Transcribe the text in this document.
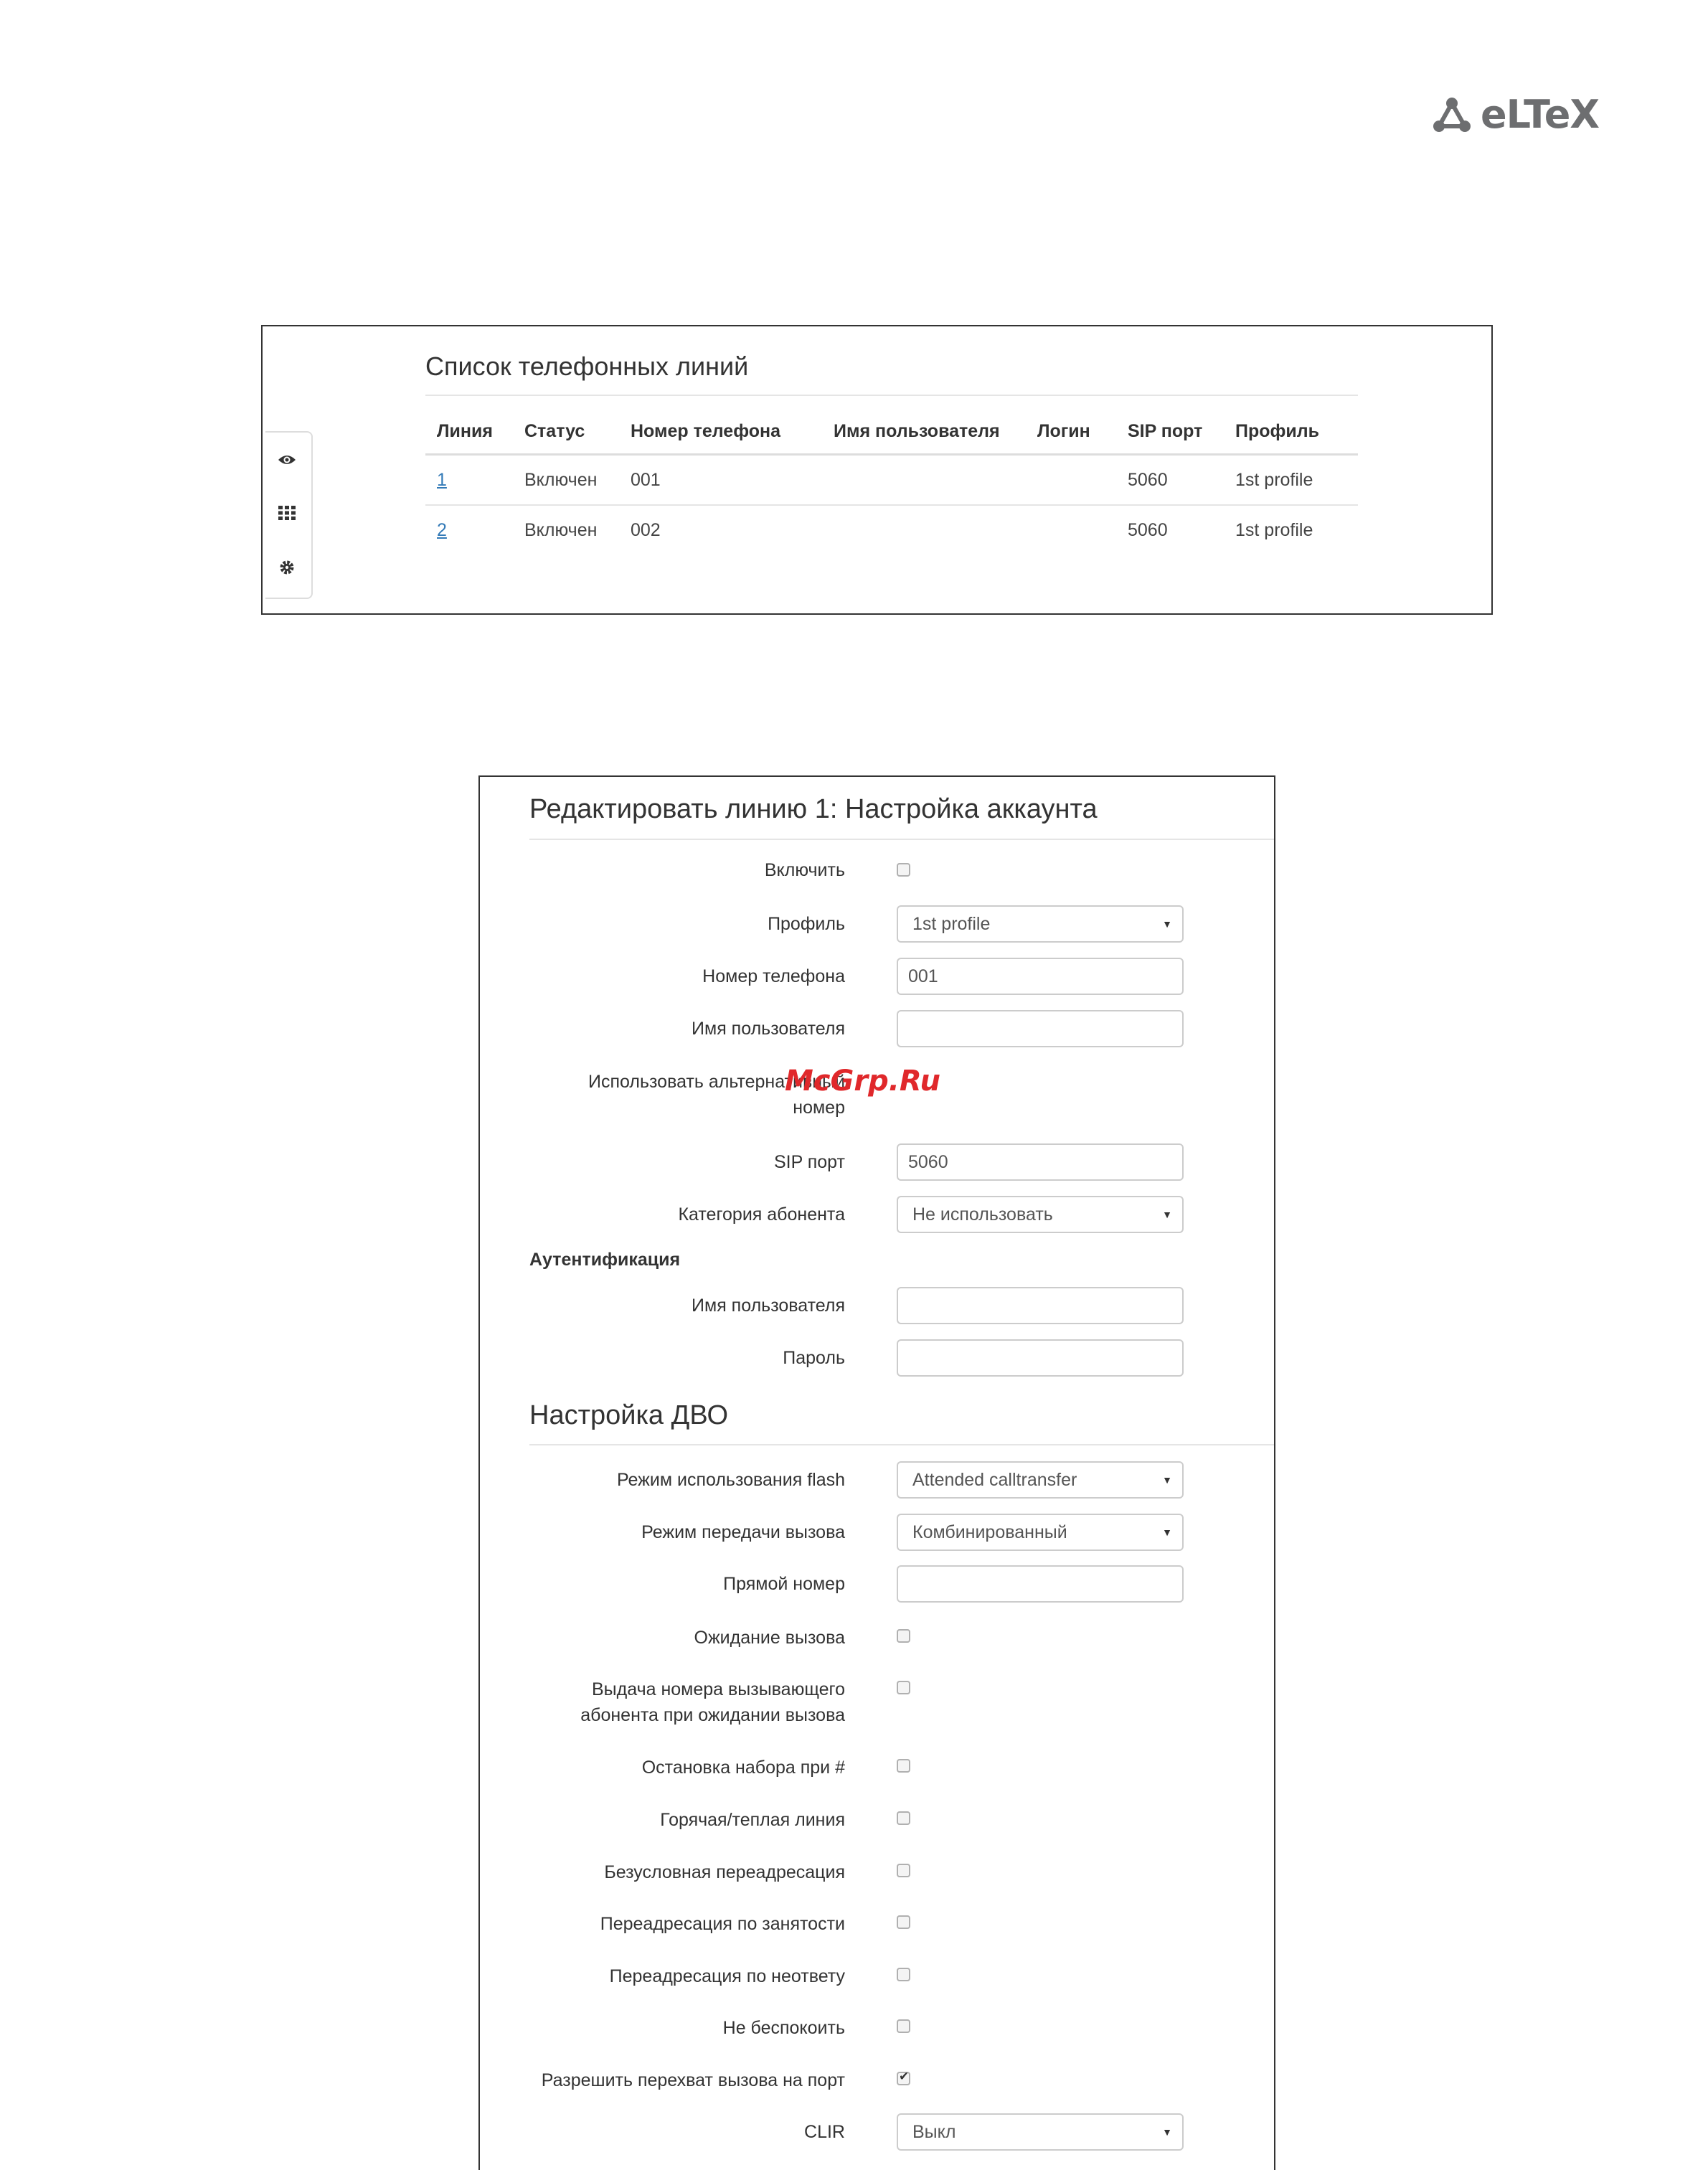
eLTeX
Список телефонных линий
Линия	Статус	Номер телефона	Имя пользователя	Логин	SIP порт	Профиль
1	Включен	001			5060	1st profile
2	Включен	002			5060	1st profile
Редактировать линию 1: Настройка аккаунта
Включить
Профиль	1st profile	▼
Номер телефона	001
Имя пользователя
Использовать альтернативный
номер
SIP порт	5060
Категория абонента	Не использовать	▼
Аутентификация
Имя пользователя
Пароль
Настройка ДВО
Режим использования flash	Attended calltransfer	▼
Режим передачи вызова	Комбинированный	▼
Прямой номер
Ожидание вызова
Выдача номера вызывающего
абонента при ожидании вызова
Остановка набора при #
Горячая/теплая линия
Безусловная переадресация
Переадресация по занятости
Переадресация по неответу
Не беспокоить
Разрешить перехват вызова на порт
✔
CLIR	Выкл	▼
McGrp.Ru
